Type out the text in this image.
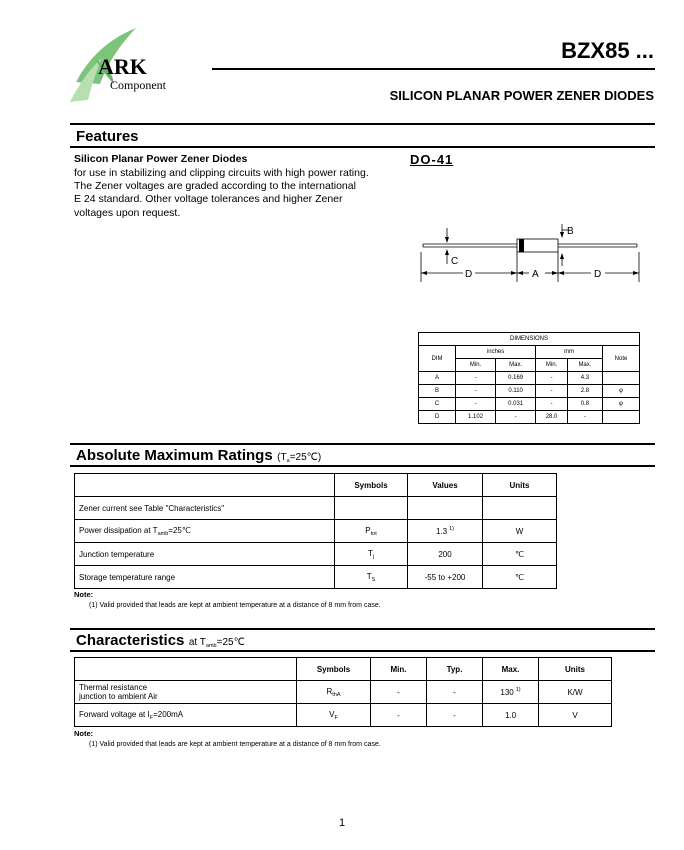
ARK
Component
BZX85 ...
SILICON PLANAR POWER ZENER DIODES
Features
Silicon Planar Power Zener Diodes
for use in stabilizing and clipping circuits with high power rating.
The Zener voltages are graded according to the international
E 24 standard. Other voltage tolerances and higher Zener
voltages upon request.
DO-41
C
D	A	D
B
DIMENSIONS					
DIM	inches		mm		Note
	Min.	Max.	Min.	Max.	
A	-	0.169	-	4.3	
B	-	0.110	-	2.8	φ
C	-	0.031	-	0.8	φ
D	1.102	-	28.0	-	
Absolute Maximum Ratings $(T_a=25℃)$
	Symbols	Values	Units
Zener current see Table "Characteristics"			
Power dissipation at $T_{amb}=25℃$	$P_{tot}$	1.3 $^{1)}$	W
Junction temperature	$T_j$	200	℃
Storage temperature range	$T_S$	-55 to +200	℃
Note:
(1) Valid provided that leads are kept at ambient temperature at a distance of 8 mm from case.
Characteristics at $T_{amb}=25℃$
	Symbols	Min.	Typ.	Max.	Units

Thermal resistance
junction to ambient Air	$R_{thA}$	-	-	130 $^{1)}$	K/W
Forward voltage at $I_F=200mA$	$V_F$	-	-	1.0	V
Note:
(1) Valid provided that leads are kept at ambient temperature at a distance of 8 mm from case.
1
